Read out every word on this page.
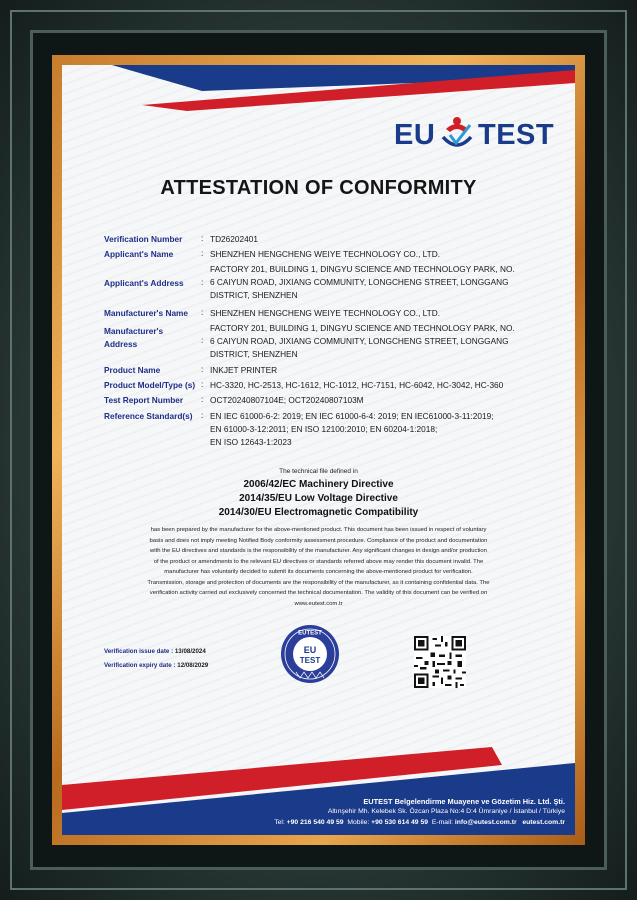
EU TEST
ATTESTATION OF CONFORMITY
Verification Number	: TD26202401
Applicant's Name	: SHENZHEN HENGCHENG WEIYE TECHNOLOGY CO., LTD.
Applicant's Address	:
FACTORY 201, BUILDING 1, DINGYU SCIENCE AND TECHNOLOGY PARK, NO.
6 CAIYUN ROAD, JIXIANG COMMUNITY, LONGCHENG STREET, LONGGANG
DISTRICT, SHENZHEN
Manufacturer's Name	: SHENZHEN HENGCHENG WEIYE TECHNOLOGY CO., LTD.
Manufacturer's
Address	:
FACTORY 201, BUILDING 1, DINGYU SCIENCE AND TECHNOLOGY PARK, NO.
6 CAIYUN ROAD, JIXIANG COMMUNITY, LONGCHENG STREET, LONGGANG
DISTRICT, SHENZHEN
Product Name	: INKJET PRINTER
Product Model/Type (s) : HC-3320, HC-2513, HC-1612, HC-1012, HC-7151, HC-6042, HC-3042, HC-360
Test Report Number	: OCT20240807104E; OCT20240807103M
Reference Standard(s)	: EN IEC 61000-6-2: 2019; EN IEC 61000-6-4: 2019; EN IEC61000-3-11:2019;
EN 61000-3-12:2011; EN ISO 12100:2010; EN 60204-1:2018;
EN ISO 12643-1:2023
The technical file defined in
2006/42/EC Machinery Directive
2014/35/EU Low Voltage Directive
2014/30/EU Electromagnetic Compatibility
has been prepared by the manufacturer for the above-mentioned product. This document has been issued in respect of voluntary
basis and does not imply meeting Notified Body conformity assessment procedure. Compliance of the product and documentation
with the EU directives and standards is the responsibility of the manufacturer. Any significant changes in design and/or production
of the product or amendments to the relevant EU directives or standards referred above may render this document invalid. The
manufacturer has voluntarily decided to submit its documents concerning the above-mentioned product for verification.
Transmission, storage and protection of documents are the responsibility of the manufacturer, as it containing confidential data. The
verification activity carried out exclusively concerned the technical documentation. The validity of this document can be verified on
www.eutest.com.tr
Verification issue date : 13/08/2024
Verification expiry date : 12/08/2029
EUTEST
EU
TEST
EUTEST Belgelendirme Muayene ve Gözetim Hiz. Ltd. Şti.
Altınşehir Mh. Kelebek Sk. Özcan Plaza No:4 D:4 Ümraniye / İstanbul / Türkiye
Tel: +90 216 540 49 59 Mobile: +90 530 614 49 59 E-mail: info@eutest.com.tr eutest.com.tr
